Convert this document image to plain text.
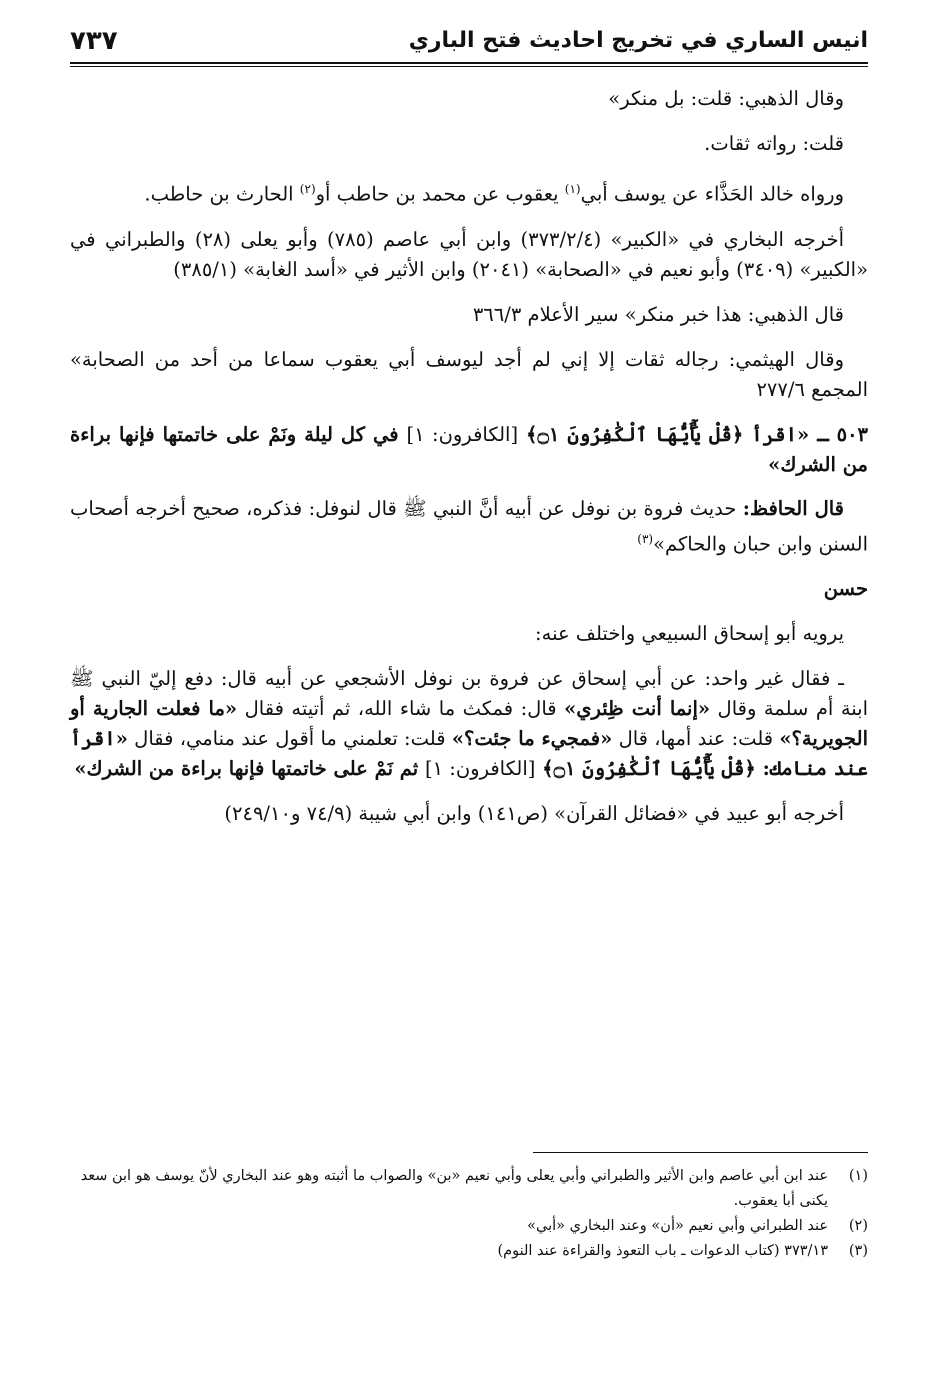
انيس الساري في تخريج احاديث فتح الباري
٧٣٧

وقال الذهبي: قلت: بل منكر»

قلت: رواته ثقات.

ورواه خالد الحَذَّاء عن يوسف أبي$^{(١)}$ يعقوب عن محمد بن حاطب أو$^{(٢)}$ الحارث بن حاطب.

أخرجه البخاري في «الكبير» (٣٧٣/٢/٤) وابن أبي عاصم (٧٨٥) وأبو يعلى (٢٨) والطبراني في «الكبير» (٣٤٠٩) وأبو نعيم في «الصحابة» (٢٠٤١) وابن الأثير في «أسد الغابة» (٣٨٥/١)

قال الذهبي: هذا خبر منكر» سير الأعلام ٣٦٦/٣

وقال الهيثمي: رجاله ثقات إلا إني لم أجد ليوسف أبي يعقوب سماعا من أحد من الصحابة» المجمع ٢٧٧/٦

٥٠٣ ـ «اقرأ ﴿قُلْ يَٰٓأَيُّهَا ٱلْكَٰفِرُونَ ۝١﴾ [الكافرون: ١] في كل ليلة ونَمْ على خاتمتها فإنها براءة من الشرك»

قال الحافظ: حديث فروة بن نوفل عن أبيه أنَّ النبي ﷺ قال لنوفل: فذكره، صحيح أخرجه أصحاب السنن وابن حبان والحاكم»$^{(٣)}$

حسن

يرويه أبو إسحاق السبيعي واختلف عنه:

ـ فقال غير واحد: عن أبي إسحاق عن فروة بن نوفل الأشجعي عن أبيه قال: دفع إليّ النبي ﷺ ابنة أم سلمة وقال «إنما أنت ظِئري» قال: فمكث ما شاء الله، ثم أتيته فقال «ما فعلت الجارية أو الجويرية؟» قلت: عند أمها، قال «فمجيء ما جئت؟» قلت: تعلمني ما أقول عند منامي، فقال «اقرأ عند منامك: ﴿قُلْ يَٰٓأَيُّهَا ٱلْكَٰفِرُونَ ۝١﴾ [الكافرون: ١] ثم نَمْ على خاتمتها فإنها براءة من الشرك»

أخرجه أبو عبيد في «فضائل القرآن» (ص١٤١) وابن أبي شيبة (٧٤/٩ و٢٤٩/١٠)

(١)
عند ابن أبي عاصم وابن الأثير والطبراني وأبي يعلى وأبي نعيم «بن» والصواب ما أثبته وهو عند البخاري لأنّ يوسف هو ابن سعد يكنى أبا يعقوب.
(٢)
عند الطبراني وأبي نعيم «أن» وعند البخاري «أبي»
(٣)
٣٧٣/١٣ (كتاب الدعوات ـ باب التعوذ والقراءة عند النوم)
